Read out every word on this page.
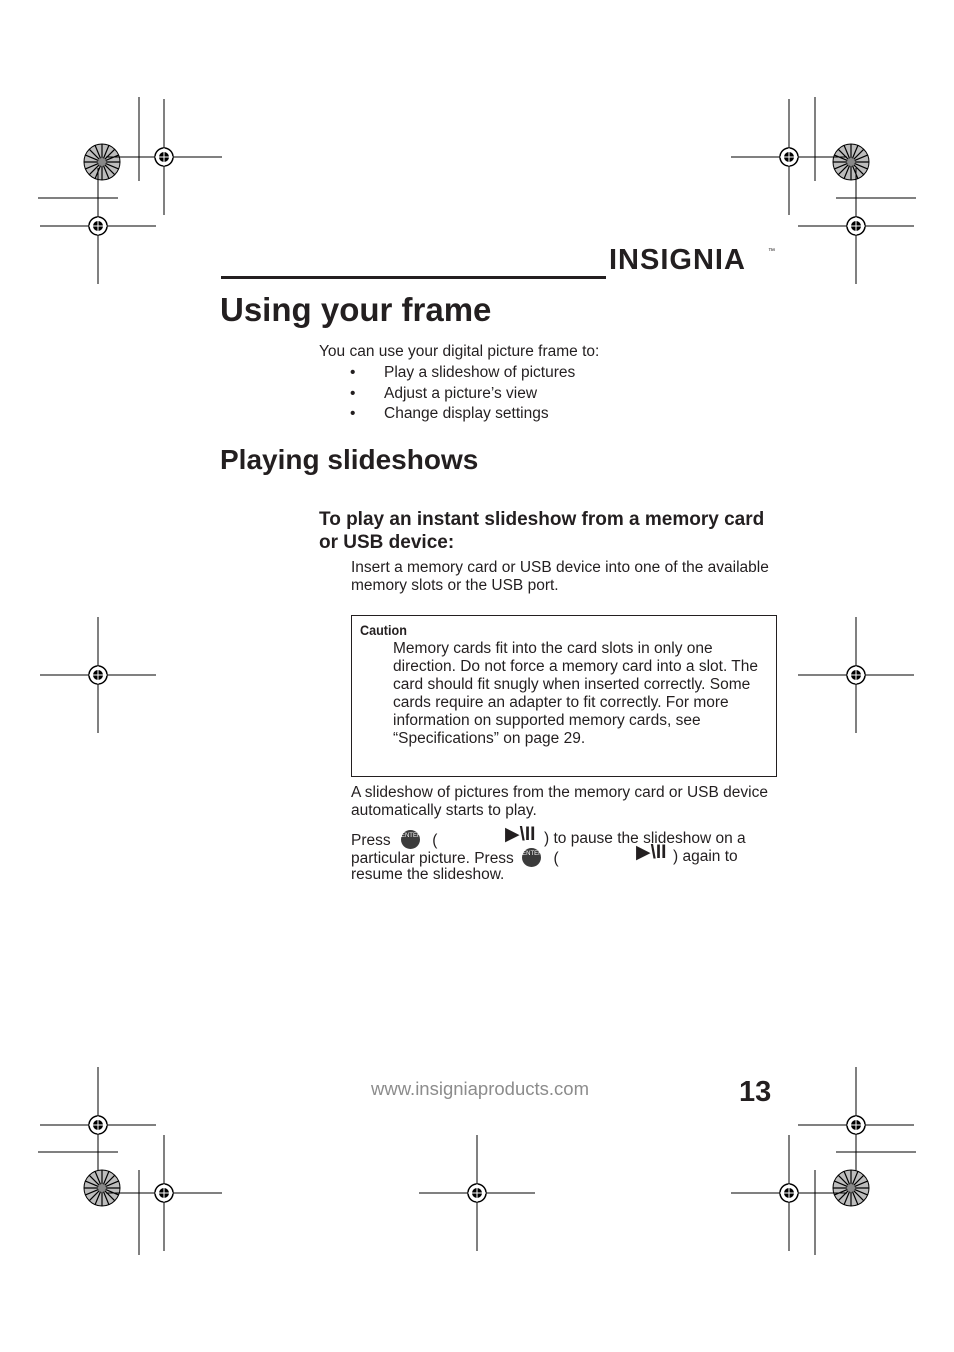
INSIGNIA	™
Using your frame
You can use your digital picture frame to:
• Play a slideshow of pictures
• Adjust a picture’s view
• Change display settings
Playing slideshows
To play an instant slideshow from a memory card or USB device:
Insert a memory card or USB device into one of the available memory slots or the USB port.
Caution
Memory cards fit into the card slots in only one direction. Do not force a memory card into a slot. The card should fit snugly when inserted correctly. Some cards require an adapter to fit correctly. For more information on supported memory cards, see “Specifications” on page 29.
A slideshow of pictures from the memory card or USB device automatically starts to play.
Press ENTER (	▶\II ) to pause the slideshow on a
particular picture. Press ENTER (	▶\II ) again to
resume the slideshow.
www.insigniaproducts.com	13
